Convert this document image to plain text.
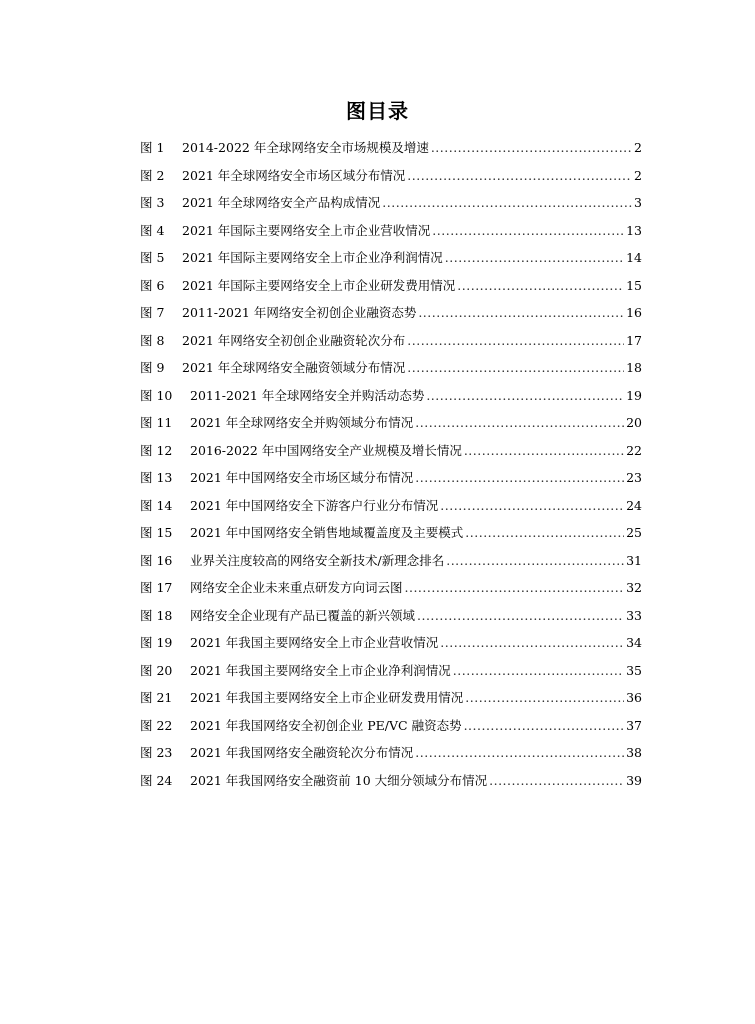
图目录
图 1	2014-2022 年全球网络安全市场规模及增速 .....	2
图 2	2021 年全球网络安全市场区域分布情况 .....	2
图 3	2021 年全球网络安全产品构成情况 .....	3
图 4	2021 年国际主要网络安全上市企业营收情况 .....	13
图 5	2021 年国际主要网络安全上市企业净利润情况 .....	14
图 6	2021 年国际主要网络安全上市企业研发费用情况 .....	15
图 7	2011-2021 年网络安全初创企业融资态势 .....	16
图 8	2021 年网络安全初创企业融资轮次分布 .....	17
图 9	2021 年全球网络安全融资领域分布情况 .....	18
图 10	2011-2021 年全球网络安全并购活动态势 .....	19
图 11	2021 年全球网络安全并购领域分布情况 .....	20
图 12	2016-2022 年中国网络安全产业规模及增长情况 .....	22
图 13	2021 年中国网络安全市场区域分布情况 .....	23
图 14	2021 年中国网络安全下游客户行业分布情况 .....	24
图 15	2021 年中国网络安全销售地域覆盖度及主要模式 .....	25
图 16	业界关注度较高的网络安全新技术/新理念排名 .....	31
图 17	网络安全企业未来重点研发方向词云图 .....	32
图 18	网络安全企业现有产品已覆盖的新兴领域 .....	33
图 19	2021 年我国主要网络安全上市企业营收情况 .....	34
图 20	2021 年我国主要网络安全上市企业净利润情况 .....	35
图 21	2021 年我国主要网络安全上市企业研发费用情况 .....	36
图 22	2021 年我国网络安全初创企业 PE/VC 融资态势 .....	37
图 23	2021 年我国网络安全融资轮次分布情况 .....	38
图 24	2021 年我国网络安全融资前 10 大细分领域分布情况 .....	39
